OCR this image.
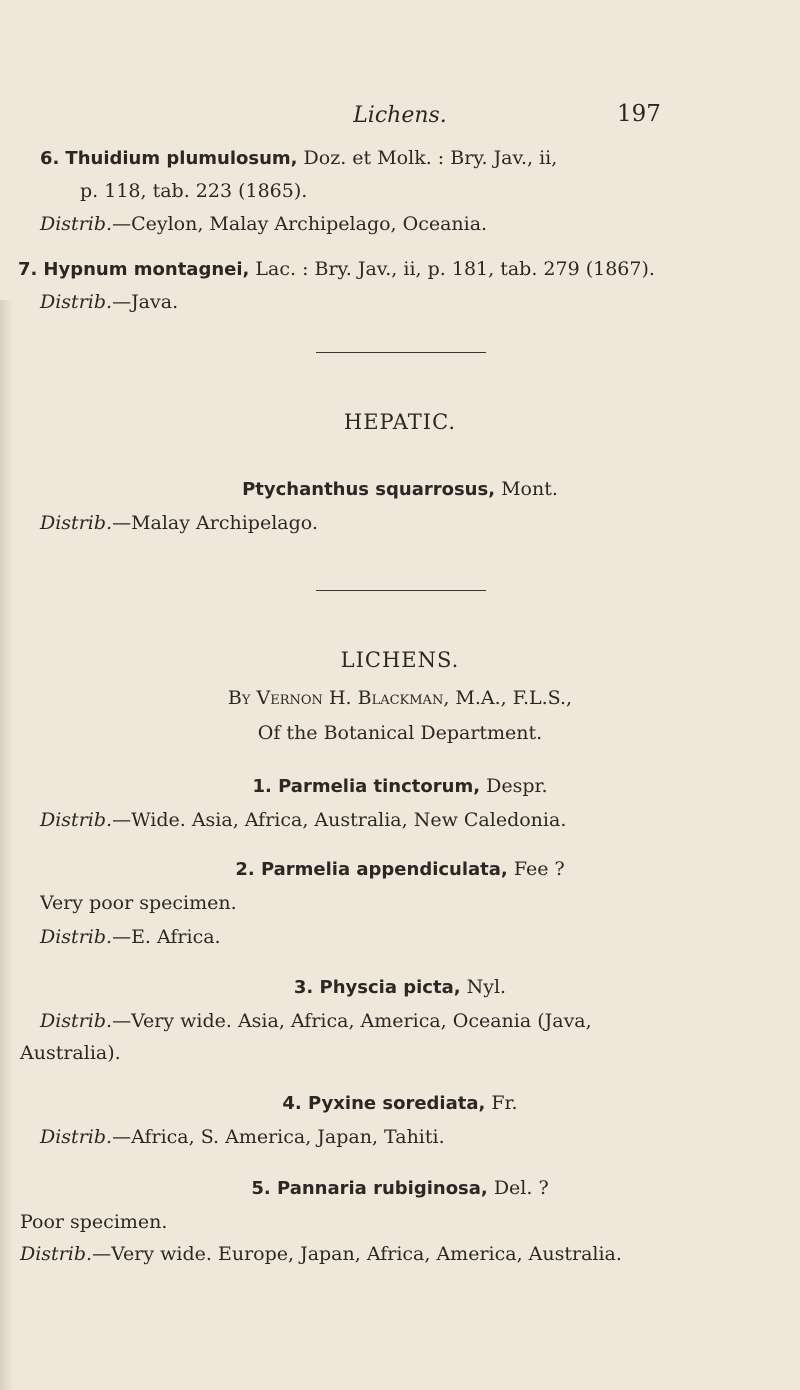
Lichens.	197
6. Thuidium plumulosum, Doz. et Molk. : Bry. Jav., ii,
p. 118, tab. 223 (1865).
Distrib.—Ceylon, Malay Archipelago, Oceania.
7. Hypnum montagnei, Lac. : Bry. Jav., ii, p. 181, tab. 279 (1867).
Distrib.—Java.
HEPATIC.
Ptychanthus squarrosus, Mont.
Distrib.—Malay Archipelago.
LICHENS.
By Vernon H. Blackman, M.A., F.L.S.,
Of the Botanical Department.
1. Parmelia tinctorum, Despr.
Distrib.—Wide. Asia, Africa, Australia, New Caledonia.
2. Parmelia appendiculata, Fee ?
Very poor specimen.
Distrib.—E. Africa.
3. Physcia picta, Nyl.
Distrib.—Very wide. Asia, Africa, America, Oceania (Java,
Australia).
4. Pyxine sorediata, Fr.
Distrib.—Africa, S. America, Japan, Tahiti.
5. Pannaria rubiginosa, Del. ?
Poor specimen.
Distrib.—Very wide. Europe, Japan, Africa, America, Australia.
